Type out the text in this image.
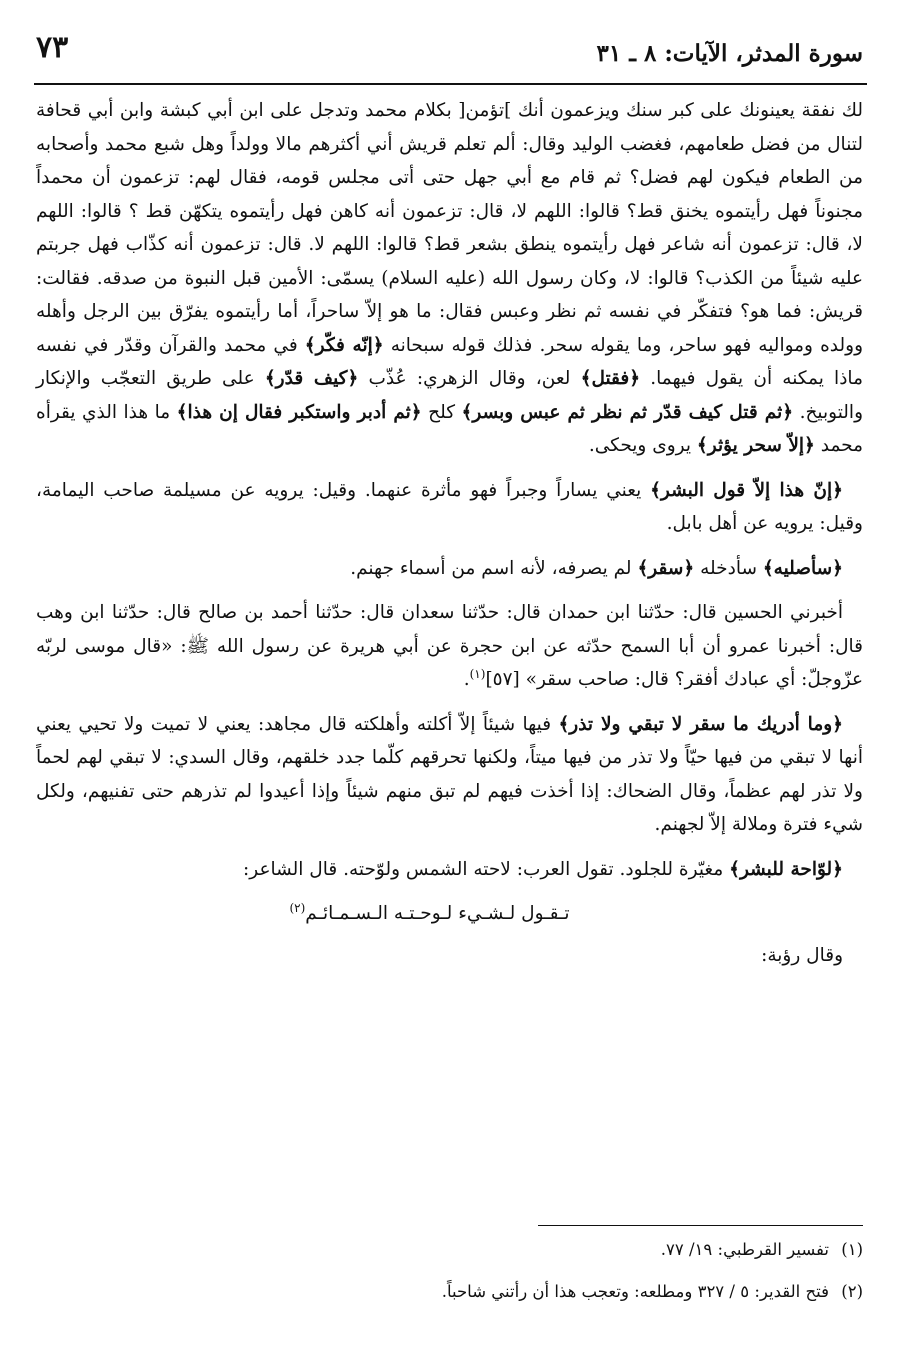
سورة المدثر، الآيات: ٨ ـ ٣١
٧٣

لك نفقة يعينونك على كبر سنك ويزعمون أنك ]تؤمن[ بكلام محمد وتدجل على ابن أبي كبشة وابن أبي قحافة لتنال من فضل طعامهم، فغضب الوليد وقال: ألم تعلم قريش أني أكثرهم مالا وولداً وهل شبع محمد وأصحابه من الطعام فيكون لهم فضل؟ ثم قام مع أبي جهل حتى أتى مجلس قومه، فقال لهم: تزعمون أن محمداً مجنوناً فهل رأيتموه يخنق قط؟ قالوا: اللهم لا، قال: تزعمون أنه كاهن فهل رأيتموه يتكهّن قط ؟ قالوا: اللهم لا، قال: تزعمون أنه شاعر فهل رأيتموه ينطق بشعر قط؟ قالوا: اللهم لا. قال: تزعمون أنه كذّاب فهل جربتم عليه شيئاً من الكذب؟ قالوا: لا، وكان رسول الله (عليه السلام) يسمّى: الأمين قبل النبوة من صدقه. فقالت: قريش: فما هو؟ فتفكّر في نفسه ثم نظر وعبس فقال: ما هو إلاّ ساحراً، أما رأيتموه يفرّق بين الرجل وأهله وولده ومواليه فهو ساحر، وما يقوله سحر. فذلك قوله سبحانه ﴿إنّه فكّر﴾ في محمد والقرآن وقدّر في نفسه ماذا يمكنه أن يقول فيهما. ﴿فقتل﴾ لعن، وقال الزهري: عُذّب ﴿كيف قدّر﴾ على طريق التعجّب والإنكار والتوبيخ. ﴿ثم قتل كيف قدّر ثم نظر ثم عبس وبسر﴾ كلح ﴿ثم أدبر واستكبر فقال إن هذا﴾ ما هذا الذي يقرأه محمد ﴿إلاّ سحر يؤثر﴾ يروى ويحكى.

﴿إنّ هذا إلاّ قول البشر﴾ يعني يساراً وجبراً فهو مأثرة عنهما. وقيل: يرويه عن مسيلمة صاحب اليمامة، وقيل: يرويه عن أهل بابل.

﴿سأصليه﴾ سأدخله ﴿سقر﴾ لم يصرفه، لأنه اسم من أسماء جهنم.

أخبرني الحسين قال: حدّثنا ابن حمدان قال: حدّثنا سعدان قال: حدّثنا أحمد بن صالح قال: حدّثنا ابن وهب قال: أخبرنا عمرو أن أبا السمح حدّثه عن ابن حجرة عن أبي هريرة عن رسول الله ﷺ: «قال موسى لربّه عزّوجلّ: أي عبادك أفقر؟ قال: صاحب سقر» [٥٧]$^{(١)}$.

﴿وما أدريك ما سقر لا تبقي ولا تذر﴾ فيها شيئاً إلاّ أكلته وأهلكته قال مجاهد: يعني لا تميت ولا تحيي يعني أنها لا تبقي من فيها حيّاً ولا تذر من فيها ميتاً، ولكنها تحرقهم كلّما جدد خلقهم، وقال السدي: لا تبقي لهم لحماً ولا تذر لهم عظماً، وقال الضحاك: إذا أخذت فيهم لم تبق منهم شيئاً وإذا أعيدوا لم تذرهم حتى تفنيهم، ولكل شيء فترة وملالة إلاّ لجهنم.

﴿لوّاحة للبشر﴾ مغيّرة للجلود. تقول العرب: لاحته الشمس ولوّحته. قال الشاعر:

تـقـول لـشـيء لـوحـتـه الـسـمـائـم$^{(٢)}$

وقال رؤبة:

(١)تفسير القرطبي: ١٩/ ٧٧.
(٢)فتح القدير: ٥ / ٣٢٧ ومطلعه: وتعجب هذا أن رأتني شاحباً.
